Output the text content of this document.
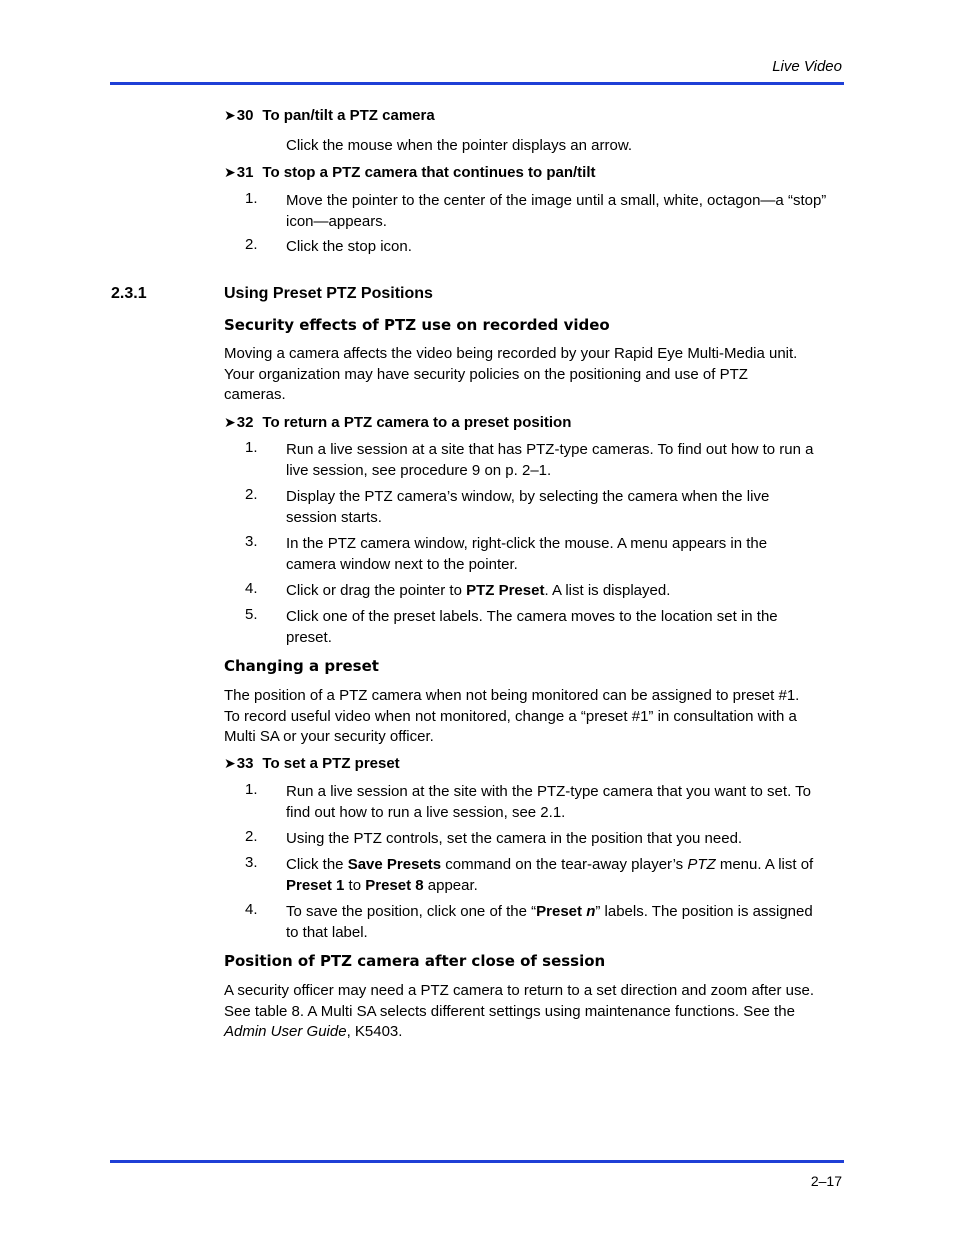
Live Video
➤30 To pan/tilt a PTZ camera
Click the mouse when the pointer displays an arrow.
➤31 To stop a PTZ camera that continues to pan/tilt
1. Move the pointer to the center of the image until a small, white, octagon—a “stop”
icon—appears.
2. Click the stop icon.
2.3.1	Using Preset PTZ Positions
Security effects of PTZ use on recorded video
Moving a camera affects the video being recorded by your Rapid Eye Multi-Media unit.
Your organization may have security policies on the positioning and use of PTZ
cameras.
➤32 To return a PTZ camera to a preset position
1. Run a live session at a site that has PTZ-type cameras. To find out how to run a
live session, see procedure 9 on p. 2–1.
2. Display the PTZ camera’s window, by selecting the camera when the live
session starts.
3. In the PTZ camera window, right-click the mouse. A menu appears in the
camera window next to the pointer.
4. Click or drag the pointer to PTZ Preset. A list is displayed.
5. Click one of the preset labels. The camera moves to the location set in the
preset.
Changing a preset
The position of a PTZ camera when not being monitored can be assigned to preset #1.
To record useful video when not monitored, change a “preset #1” in consultation with a
Multi SA or your security officer.
➤33 To set a PTZ preset
1. Run a live session at the site with the PTZ-type camera that you want to set. To
find out how to run a live session, see 2.1.
2. Using the PTZ controls, set the camera in the position that you need.
3. Click the Save Presets command on the tear-away player’s PTZ menu. A list of
Preset 1 to Preset 8 appear.
4. To save the position, click one of the “Preset n” labels. The position is assigned
to that label.
Position of PTZ camera after close of session
A security officer may need a PTZ camera to return to a set direction and zoom after use.
See table 8. A Multi SA selects different settings using maintenance functions. See the
Admin User Guide, K5403.
2–17
